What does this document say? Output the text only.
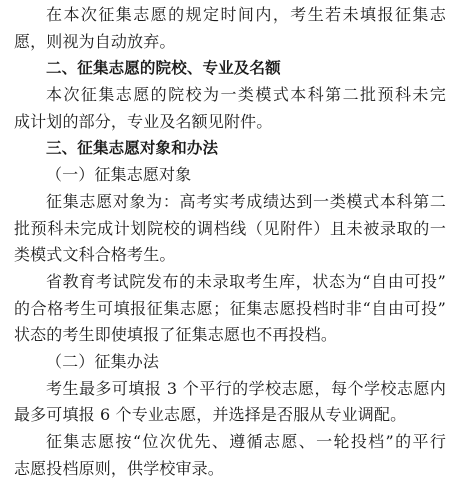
在本次征集志愿的规定时间内，考生若未填报征集志
愿，则视为自动放弃。
二、征集志愿的院校、专业及名额
本次征集志愿的院校为一类模式本科第二批预科未完
成计划的部分，专业及名额见附件。
三、征集志愿对象和办法
（一）征集志愿对象
征集志愿对象为：高考实考成绩达到一类模式本科第二
批预科未完成计划院校的调档线（见附件）且未被录取的一
类模式文科合格考生。
省教育考试院发布的未录取考生库，状态为“自由可投”
的合格考生可填报征集志愿；征集志愿投档时非“自由可投”
状态的考生即使填报了征集志愿也不再投档。
（二）征集办法
考生最多可填报 3 个平行的学校志愿，每个学校志愿内
最多可填报 6 个专业志愿，并选择是否服从专业调配。
征集志愿按“位次优先、遵循志愿、一轮投档”的平行
志愿投档原则，供学校审录。
